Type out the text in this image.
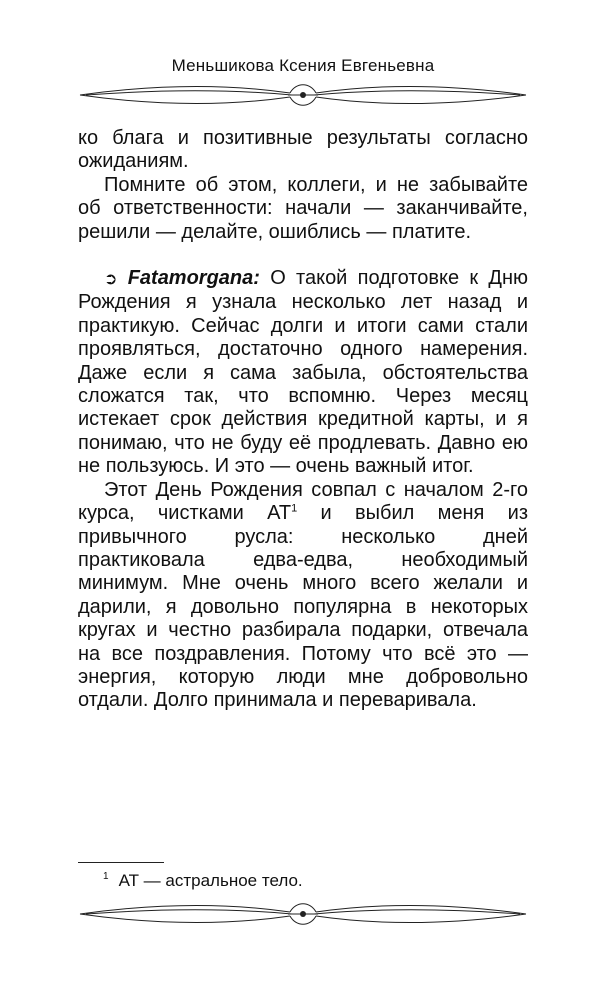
Меньшикова Ксения Евгеньевна

ко блага и позитивные результаты согласно ожиданиям.

Помните об этом, коллеги, и не забывайте об ответственности: начали — заканчивайте, решили — делайте, ошиблись — платите.

➲ Fatamorgana: О такой подготовке к Дню Рождения я узнала несколько лет назад и практикую. Сейчас долги и итоги сами стали проявляться, достаточно одного намерения. Даже если я сама забыла, обстоятельства сложатся так, что вспомню. Через месяц истекает срок действия кредитной карты, и я понимаю, что не буду её продлевать. Давно ею не пользуюсь. И это — очень важный итог.

Этот День Рождения совпал с началом 2-го курса, чистками $АТ^1$ и выбил меня из привычного русла: несколько дней практиковала едва-едва, необходимый минимум. Мне очень много всего желали и дарили, я довольно популярна в некоторых кругах и честно разбирала подарки, отвечала на все поздравления. Потому что всё это — энергия, которую люди мне добровольно отдали. Долго принимала и переваривала.

$^1$ АТ — астральное тело.
